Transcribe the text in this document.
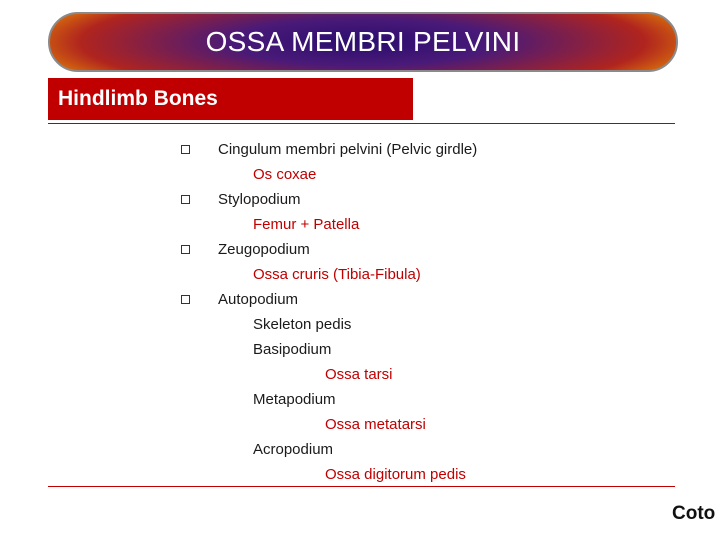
OSSA MEMBRI PELVINI
Hindlimb Bones
Cingulum membri pelvini (Pelvic girdle)
Os coxae
Stylopodium
Femur + Patella
Zeugopodium
Ossa cruris (Tibia-Fibula)
Autopodium
Skeleton pedis
Basipodium
Ossa tarsi
Metapodium
Ossa metatarsi
Acropodium
Ossa digitorum pedis
Coto
